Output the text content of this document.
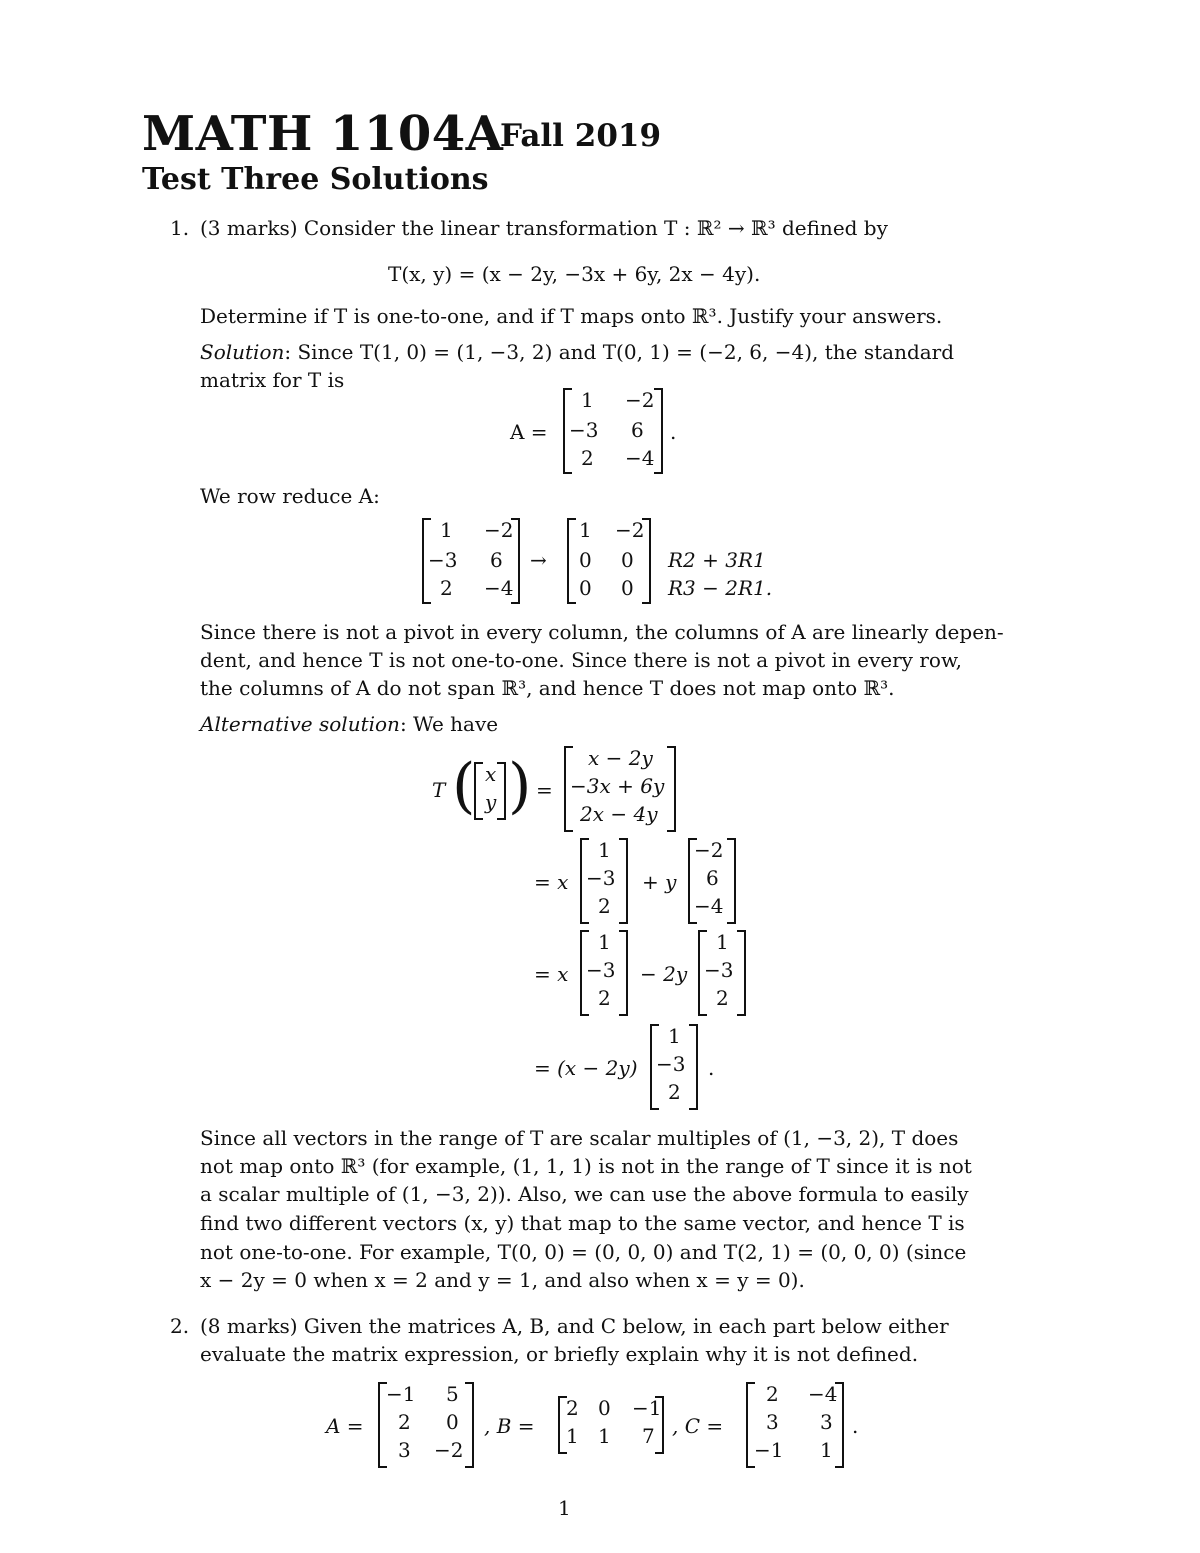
MATH 1104A
Fall 2019
Test Three Solutions
1. (3 marks) Consider the linear transformation T : ℝ² → ℝ³ defined by
T(x, y) = (x − 2y, −3x + 6y, 2x − 4y).
Determine if T is one-to-one, and if T maps onto ℝ³. Justify your answers.
Solution: Since T(1, 0) = (1, −3, 2) and T(0, 1) = (−2, 6, −4), the standard
matrix for T is
A =
1 −2
−3 6
2 −4
.
We row reduce A:
1 −2
−3 6
2 −4
→
1 −2
0 0
0 0
R2 + 3R1
R3 − 2R1.
Since there is not a pivot in every column, the columns of A are linearly depen-
dent, and hence T is not one-to-one. Since there is not a pivot in every row,
the columns of A do not span ℝ³, and hence T does not map onto ℝ³.
Alternative solution: We have
T ( x
y ) =
x − 2y
−3x + 6y
2x − 4y
= x
1
−3
2
+ y
−2
6
−4
= x
1
−3
2
− 2y
1
−3
2
= (x − 2y)
1
−3
2
.
Since all vectors in the range of T are scalar multiples of (1, −3, 2), T does
not map onto ℝ³ (for example, (1, 1, 1) is not in the range of T since it is not
a scalar multiple of (1, −3, 2)). Also, we can use the above formula to easily
find two different vectors (x, y) that map to the same vector, and hence T is
not one-to-one. For example, T(0, 0) = (0, 0, 0) and T(2, 1) = (0, 0, 0) (since
x − 2y = 0 when x = 2 and y = 1, and also when x = y = 0).
2. (8 marks) Given the matrices A, B, and C below, in each part below either
evaluate the matrix expression, or briefly explain why it is not defined.
A =
−1 5
2 0
3 −2
, B =
2 0 −1
1 1 7 , C =
2 −4
3 3
−1 1
.
1
